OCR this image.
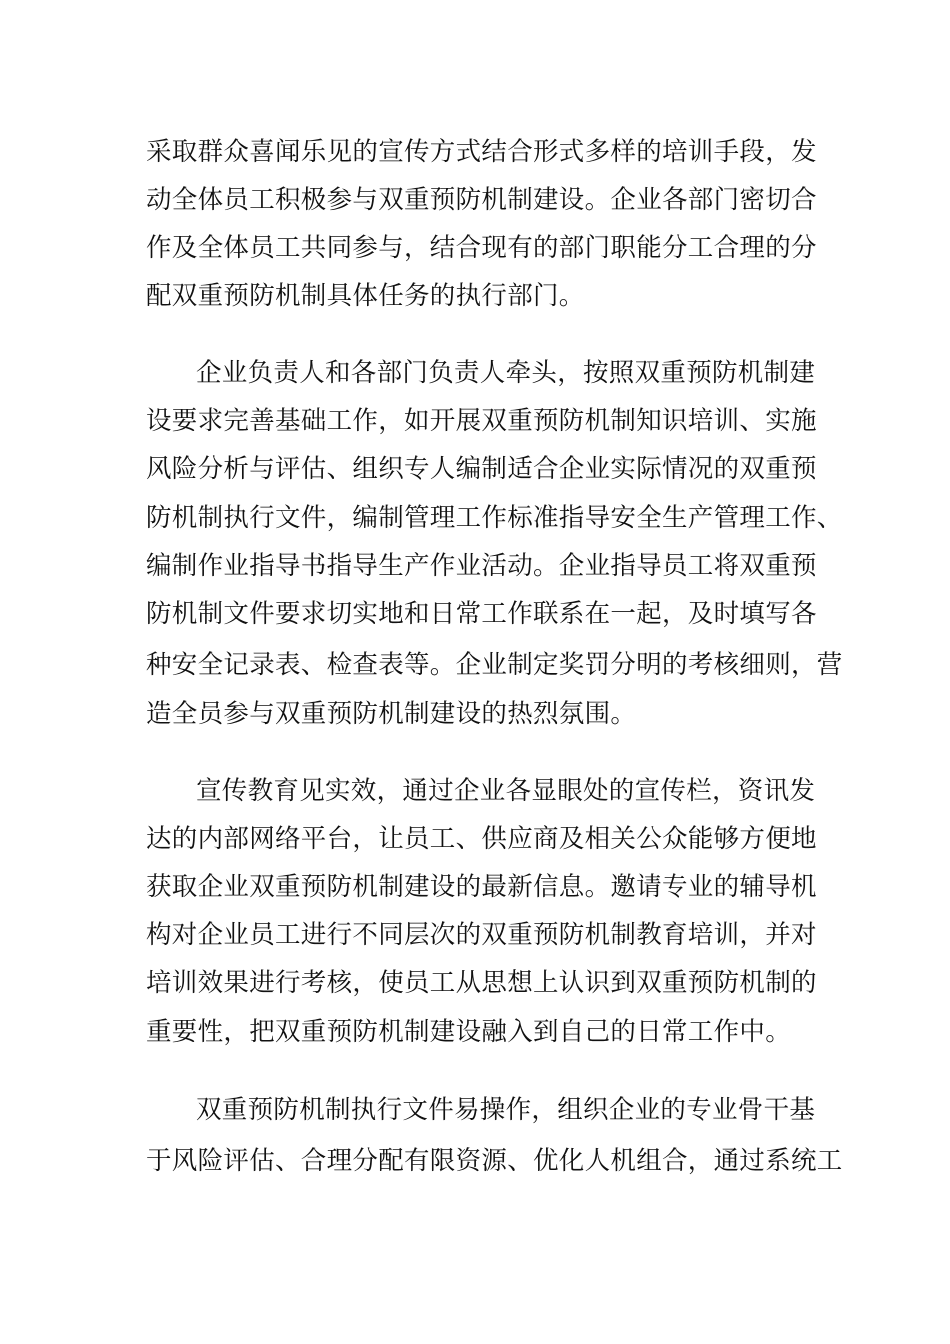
采取群众喜闻乐见的宣传方式结合形式多样的培训手段，发
动全体员工积极参与双重预防机制建设。企业各部门密切合
作及全体员工共同参与，结合现有的部门职能分工合理的分
配双重预防机制具体任务的执行部门。
企业负责人和各部门负责人牵头，按照双重预防机制建
设要求完善基础工作，如开展双重预防机制知识培训、实施
风险分析与评估、组织专人编制适合企业实际情况的双重预
防机制执行文件，编制管理工作标准指导安全生产管理工作、
编制作业指导书指导生产作业活动。企业指导员工将双重预
防机制文件要求切实地和日常工作联系在一起，及时填写各
种安全记录表、检查表等。企业制定奖罚分明的考核细则，营
造全员参与双重预防机制建设的热烈氛围。
宣传教育见实效，通过企业各显眼处的宣传栏，资讯发
达的内部网络平台，让员工、供应商及相关公众能够方便地
获取企业双重预防机制建设的最新信息。邀请专业的辅导机
构对企业员工进行不同层次的双重预防机制教育培训，并对
培训效果进行考核，使员工从思想上认识到双重预防机制的
重要性，把双重预防机制建设融入到自己的日常工作中。
双重预防机制执行文件易操作，组织企业的专业骨干基
于风险评估、合理分配有限资源、优化人机组合，通过系统工
